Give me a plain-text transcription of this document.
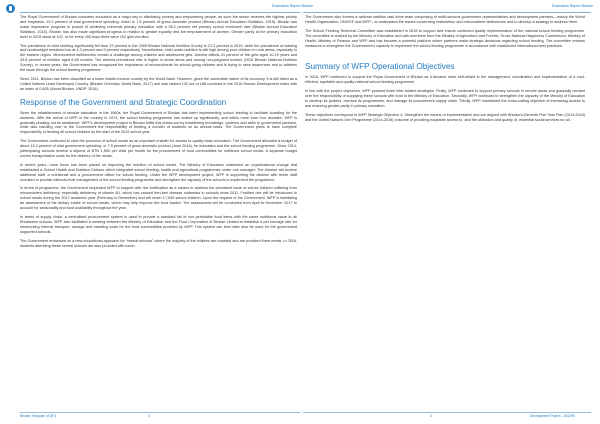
Evaluation Report Bhutan	Evaluation Report Bhutan

The Royal Government of Bhutan considers education as a major key to alleviating poverty and empowering people, as such the sector receives the highest priority and emphasis; 15.2 percent of total government spending, which is 7.5 percent of gross domestic product (Bhutan Annual Education Statistics, 2015). Bhutan has made impressive progress in pursuit of achieving universal primary education with a 95.2 percent net primary school enrolment rate (Bhutan Annual Education Statistics, 2015). Bhutan has also made significant progress in relation to gender equality and the empowerment of women. Gender parity at the primary education level in 2015 stood at 102, or for every 100 boys there were 102 girls enrolled.

The prevalence of child stunting significantly fell from 37 percent in the 2008 Bhutan National Nutrition Survey to 21.2 percent in 2015, while the prevalence of wasting and underweight remained low at 4.3 percent and 9 percent respectively. Nonetheless, child under-nutrition is still high among poor children in rural areas, especially in the eastern region. Micronutrient deficiencies remain a challenge among children and adolescent girls. Anemia affects 31 percent of the girls aged 10-19 years and 43.8 percent of children aged 6-59 months. The anemia prevalence rate is higher in urban areas and among non-pregnant women (2015 Bhutan National Nutrition Survey). In recent years, the Government has recognized the importance of micronutrients for school-going children and is trying to raise awareness and to address the issue through the school feeding programme.

Since 2011, Bhutan has been classified as a lower middle-income country by the World Bank. However, given the vulnerable nature of its economy, it is still listed as a United Nations Least Developed Country (Bhutan Overview, World Bank, 2017) and was ranked 132 out of 188 countries in the 2016 Human Development Index with an index of 0.605 (About Bhutan, UNDP, 2016).

Response of the Government and Strategic Coordination

Since the establishment of secular education in the 1960s, the Royal Government of Bhutan has been implementing school feeding to facilitate boarding for the students. With the arrival of WFP in the country in 1974, the school feeding programme has scaled up significantly, and within more than four decades, WFP is gradually phasing out its assistance. WFP’s development project in Bhutan fulfils this phase-out by transferring knowledge, systems and skills to government partners, while also handing over to the Government the responsibility of feeding a number of students on an annual basis. The Government plans to have complete responsibility of feeding all school children by the start of the 2019 school year.

The Government continued to view the provision of school meals as an important enabler for access to quality basic education. The Government allocated a budget of about 15.2 percent of total government spending, or 7.5 percent of gross domestic product (June 2016), for education and the school feeding programme. Since 2014, participating schools receive a stipend of BTN 1,500 per child per month for the procurement of food commodities for nutritious school meals. A separate budget covers transportation costs for the delivery of the meals.

In recent years, more focus has been placed on improving the nutrition of school meals. The Ministry of Education underwent an organizational change that established a School Health and Nutrition Division which integrated school feeding, health and agricultural programmes under one manager. The division will receive additional staff, a nutritionist and a procurement officer for school feeding. Under the WFP development project, WFP is supporting the division with these staff recruited to provide national-level management of the school feeding programme and strengthen the capacity of the schools to implement the programme.

In terms of programme, the Government requested WFP to support with rice fortification as a means to address the persistent issue of school children suffering from micronutrient deficiency, especially deficiency of vitamin B1, which has caused beri-beri disease outbreaks in schools since 2011. Fortified rice will be introduced to school meals during the 2017 academic year (February to December) and will reach 17,000 school children. Upon the request of the Government, WFP is facilitating an assessment of the dietary intake of school meals, which may help improve the food basket. The assessment will be conducted from April to November 2017 to account for seasonality and food availability throughout the year.

In terms of supply chain, a centralized procurement system is used to provide a standard list of non-perishable food items with the same nutritional value to all Bhutanese schools. WFP also facilitated a meeting between the Ministry of Education and the Food Corporation of Bhutan Limited to establish a per tonnage rate for reimbursing internal transport, storage and handling costs for the food commodities provided by WFP. This system can then later also be used for the government supported schools.

The Government embarked on a new educational approach for “central schools” where the majority of the children are boarded and are provided three meals. In 2016, students attending these central schools are also provided with lunch.

The Government also formed a national nutrition task force team comprising of multi-sectoral government representatives and development partners—mainly the World Health Organization, UNICEF and WFP—to understand the issues concerning malnutrition and micronutrient deficiencies and to develop a strategy to address them.

The School Feeding Technical Committee was established in 2015 to support and ensure continued quality implementation of the national school feeding programme. The committee is chaired by the Ministry of Education and with members from the Ministry of Agriculture and Forests, Gross National Happiness Commission, Ministry of Health, Ministry of Finance and WFP and has become a powerful platform where partners make strategic decisions regarding school feeding. The committee reviews measures to strengthen the Government’s capacity to implement the school feeding programme in accordance with established international best practices.

Summary of WFP Operational Objectives

In 2016, WFP continued to support the Royal Government of Bhutan as it became more self-reliant in the management, coordination and implementation of a cost-efficient, equitable and quality national school feeding programme.

In line with the project objectives, WFP pursued three inter-related strategies. Firstly, WFP continued to support primary schools in remote areas and gradually handed over the responsibility of supplying these schools with food to the Ministry of Education. Secondly, WFP continued to strengthen the capacity of the Ministry of Education to develop its policies, oversee its programmes, and manage its procurement supply chain. Thirdly, WFP maintained the cross-cutting objective of increasing access to and ensuring gender parity in primary education.

These objectives correspond to WFP Strategic Objective 4: Strengthen the means of implementation and are aligned with Bhutan’s Eleventh Five Year Plan (2013-2018) and the United Nations One Programme (2014-2018) outcome of providing equitable access to, and the utilization and quality of, essential social services for all.

Bhutan, Kingdom of (BT)	3	4	Development Project - 200299
